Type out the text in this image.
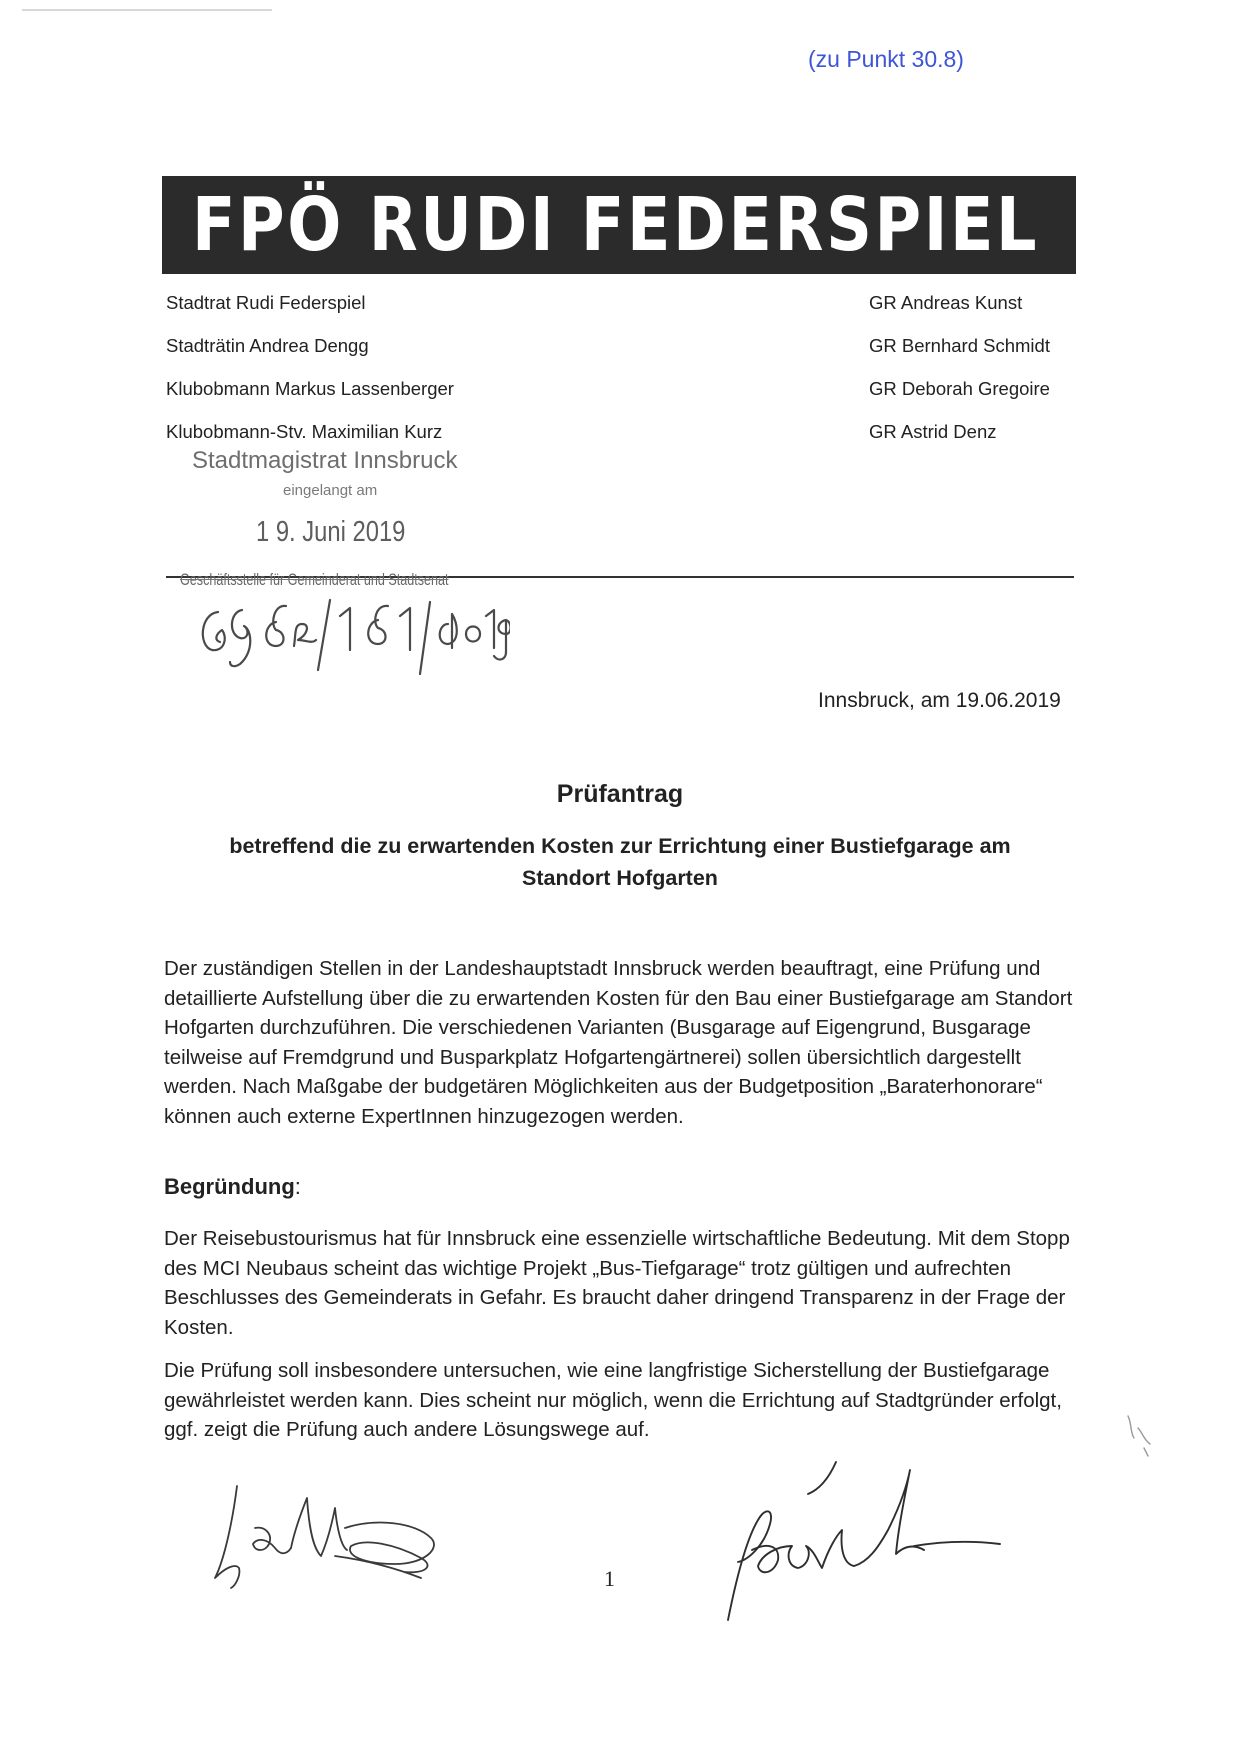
(zu Punkt 30.8)
FPÖ RUDI FEDERSPIEL
Stadtrat Rudi Federspiel
Stadträtin Andrea Dengg
Klubobmann Markus Lassenberger
Klubobmann-Stv. Maximilian Kurz
GR Andreas Kunst
GR Bernhard Schmidt
GR Deborah Gregoire
GR Astrid Denz
Stadtmagistrat Innsbruck
eingelangt am
1 9. Juni 2019
Geschäftsstelle für Gemeinderat und Stadtsenat
Innsbruck, am 19.06.2019
Prüfantrag
betreffend die zu erwartenden Kosten zur Errichtung einer Bustiefgarage am
Standort Hofgarten
Der zuständigen Stellen in der Landeshauptstadt Innsbruck werden beauftragt, eine Prüfung und detaillierte Aufstellung über die zu erwartenden Kosten für den Bau einer Bustiefgarage am Standort Hofgarten durchzuführen. Die verschiedenen Varianten (Busgarage auf Eigengrund, Busgarage teilweise auf Fremdgrund und Busparkplatz Hofgartengärtnerei) sollen übersichtlich dargestellt werden. Nach Maßgabe der budgetären Möglichkeiten aus der Budgetposition „Baraterhonorare“ können auch externe ExpertInnen hinzugezogen werden.
Begründung:
Der Reisebustourismus hat für Innsbruck eine essenzielle wirtschaftliche Bedeutung. Mit dem Stopp des MCI Neubaus scheint das wichtige Projekt „Bus-Tiefgarage“ trotz gültigen und aufrechten Beschlusses des Gemeinderats in Gefahr. Es braucht daher dringend Transparenz in der Frage der Kosten.
Die Prüfung soll insbesondere untersuchen, wie eine langfristige Sicherstellung der Bustiefgarage gewährleistet werden kann. Dies scheint nur möglich, wenn die Errichtung auf Stadtgründer erfolgt, ggf. zeigt die Prüfung auch andere Lösungswege auf.
1
